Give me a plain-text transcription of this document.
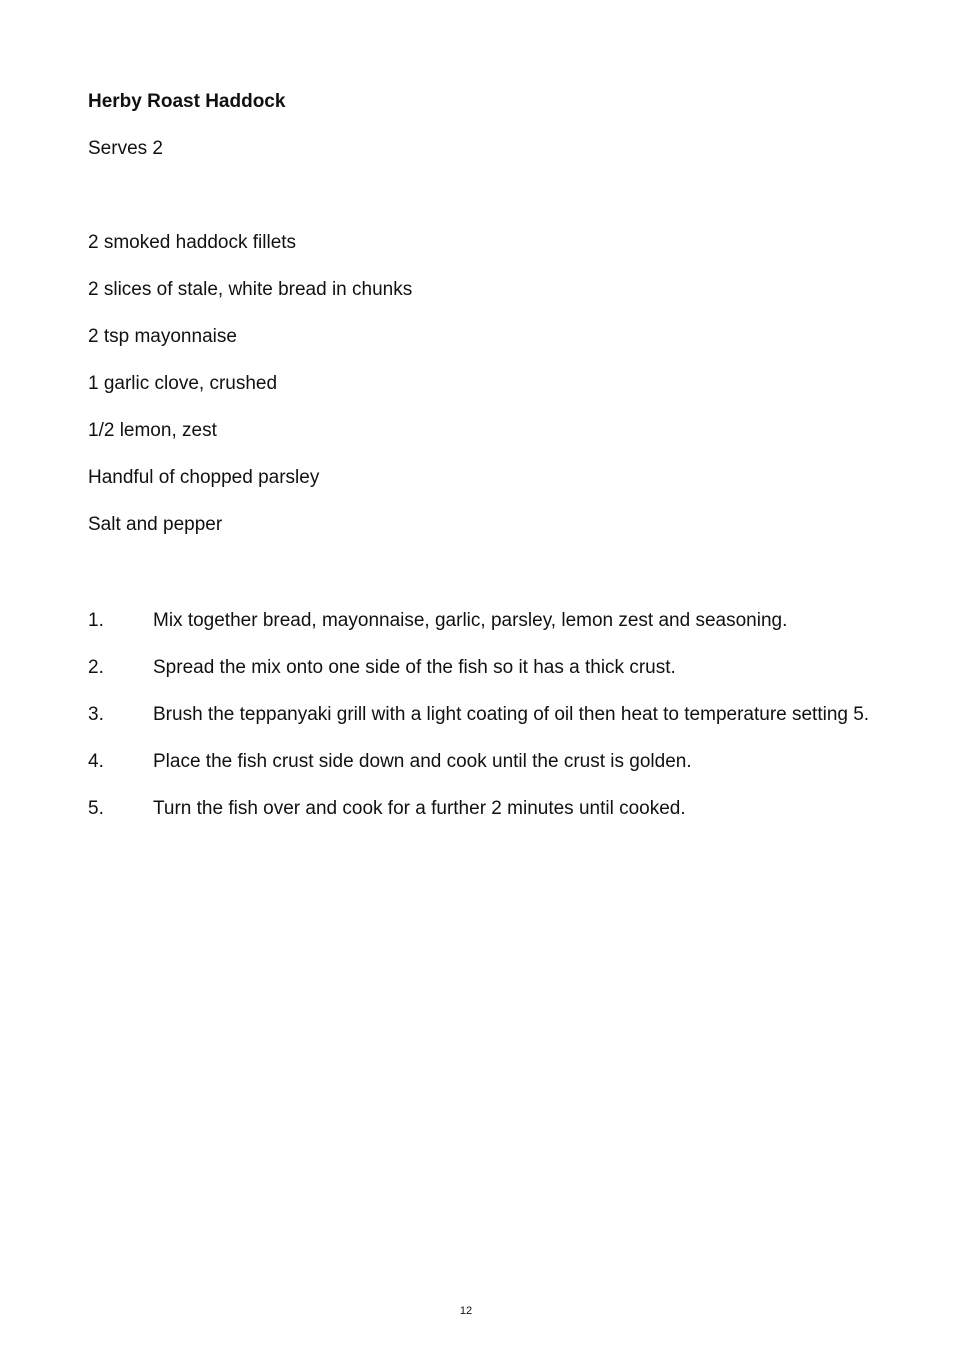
Herby Roast Haddock

Serves 2

2 smoked haddock fillets
2 slices of stale, white bread in chunks
2 tsp mayonnaise
1 garlic clove, crushed
1/2 lemon, zest
Handful of chopped parsley
Salt and pepper
1.	Mix together bread, mayonnaise, garlic, parsley, lemon zest and seasoning.
2.	Spread the mix onto one side of the fish so it has a thick crust.
3.	Brush the teppanyaki grill with a light coating of oil then heat to temperature setting 5.
4.	Place the fish crust side down and cook until the crust is golden.
5.	Turn the fish over and cook for a further 2 minutes until cooked.
12
